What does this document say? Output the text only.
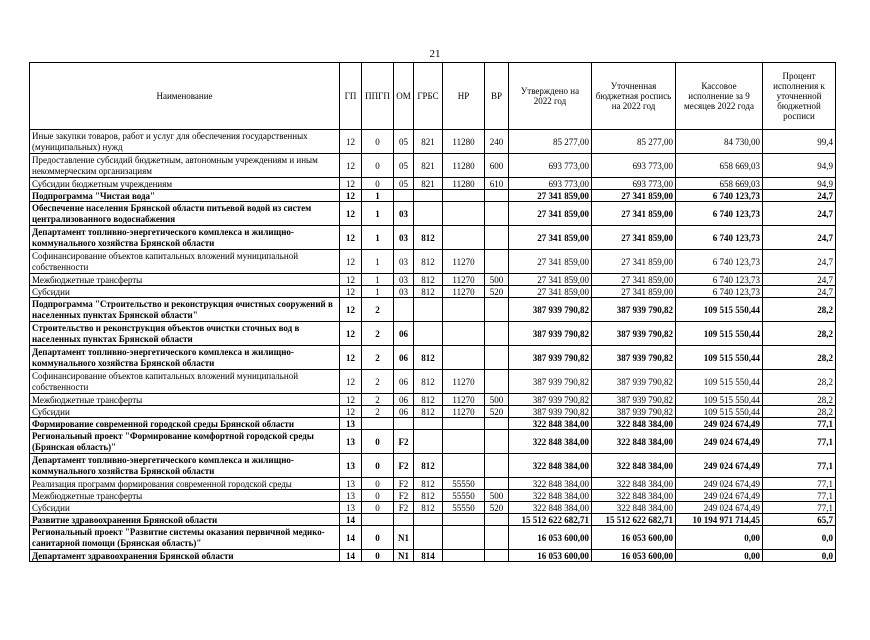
21
Наименование	ГП	ППГП	ОМ	ГРБС	НР	ВР	Утверждено на 2022 год	Уточненная бюджетная роспись на 2022 год	Кассовое исполнение за 9 месяцев 2022 года	Процент исполнения к уточненной бюджетной росписи
Иные закупки товаров, работ и услуг для обеспечения государственных (муниципальных) нужд	12	0	05	821	11280	240	85 277,00	85 277,00	84 730,00	99,4
Предоставление субсидий бюджетным, автономным учреждениям и иным некоммерческим организациям	12	0	05	821	11280	600	693 773,00	693 773,00	658 669,03	94,9
Субсидии бюджетным учреждениям	12	0	05	821	11280	610	693 773,00	693 773,00	658 669,03	94,9
Подпрограмма "Чистая вода"	12	1					27 341 859,00	27 341 859,00	6 740 123,73	24,7
Обеспечение населения Брянской области питьевой водой из систем централизованного водоснабжения	12	1	03				27 341 859,00	27 341 859,00	6 740 123,73	24,7
Департамент топливно-энергетического комплекса и жилищно-коммунального хозяйства Брянской области	12	1	03	812			27 341 859,00	27 341 859,00	6 740 123,73	24,7
Софинансирование объектов капитальных вложений муниципальной собственности	12	1	03	812	11270		27 341 859,00	27 341 859,00	6 740 123,73	24,7
Межбюджетные трансферты	12	1	03	812	11270	500	27 341 859,00	27 341 859,00	6 740 123,73	24,7
Субсидии	12	1	03	812	11270	520	27 341 859,00	27 341 859,00	6 740 123,73	24,7
Подпрограмма "Строительство и реконструкция очистных сооружений в населенных пунктах Брянской области"	12	2					387 939 790,82	387 939 790,82	109 515 550,44	28,2
Строительство и реконструкция объектов очистки сточных вод в населенных пунктах Брянской области	12	2	06				387 939 790,82	387 939 790,82	109 515 550,44	28,2
Департамент топливно-энергетического комплекса и жилищно-коммунального хозяйства Брянской области	12	2	06	812			387 939 790,82	387 939 790,82	109 515 550,44	28,2
Софинансирование объектов капитальных вложений муниципальной собственности	12	2	06	812	11270		387 939 790,82	387 939 790,82	109 515 550,44	28,2
Межбюджетные трансферты	12	2	06	812	11270	500	387 939 790,82	387 939 790,82	109 515 550,44	28,2
Субсидии	12	2	06	812	11270	520	387 939 790,82	387 939 790,82	109 515 550,44	28,2
Формирование современной городской среды Брянской области	13						322 848 384,00	322 848 384,00	249 024 674,49	77,1
Региональный проект "Формирование комфортной городской среды (Брянская область)"	13	0	F2				322 848 384,00	322 848 384,00	249 024 674,49	77,1
Департамент топливно-энергетического комплекса и жилищно-коммунального хозяйства Брянской области	13	0	F2	812			322 848 384,00	322 848 384,00	249 024 674,49	77,1
Реализация программ формирования современной городской среды	13	0	F2	812	55550		322 848 384,00	322 848 384,00	249 024 674,49	77,1
Межбюджетные трансферты	13	0	F2	812	55550	500	322 848 384,00	322 848 384,00	249 024 674,49	77,1
Субсидии	13	0	F2	812	55550	520	322 848 384,00	322 848 384,00	249 024 674,49	77,1
Развитие здравоохранения Брянской области	14						15 512 622 682,71	15 512 622 682,71	10 194 971 714,45	65,7
Региональный проект "Развитие системы оказания первичной медико-санитарной помощи (Брянская область)"	14	0	N1				16 053 600,00	16 053 600,00	0,00	0,0
Департамент здравоохранения Брянской области	14	0	N1	814			16 053 600,00	16 053 600,00	0,00	0,0
